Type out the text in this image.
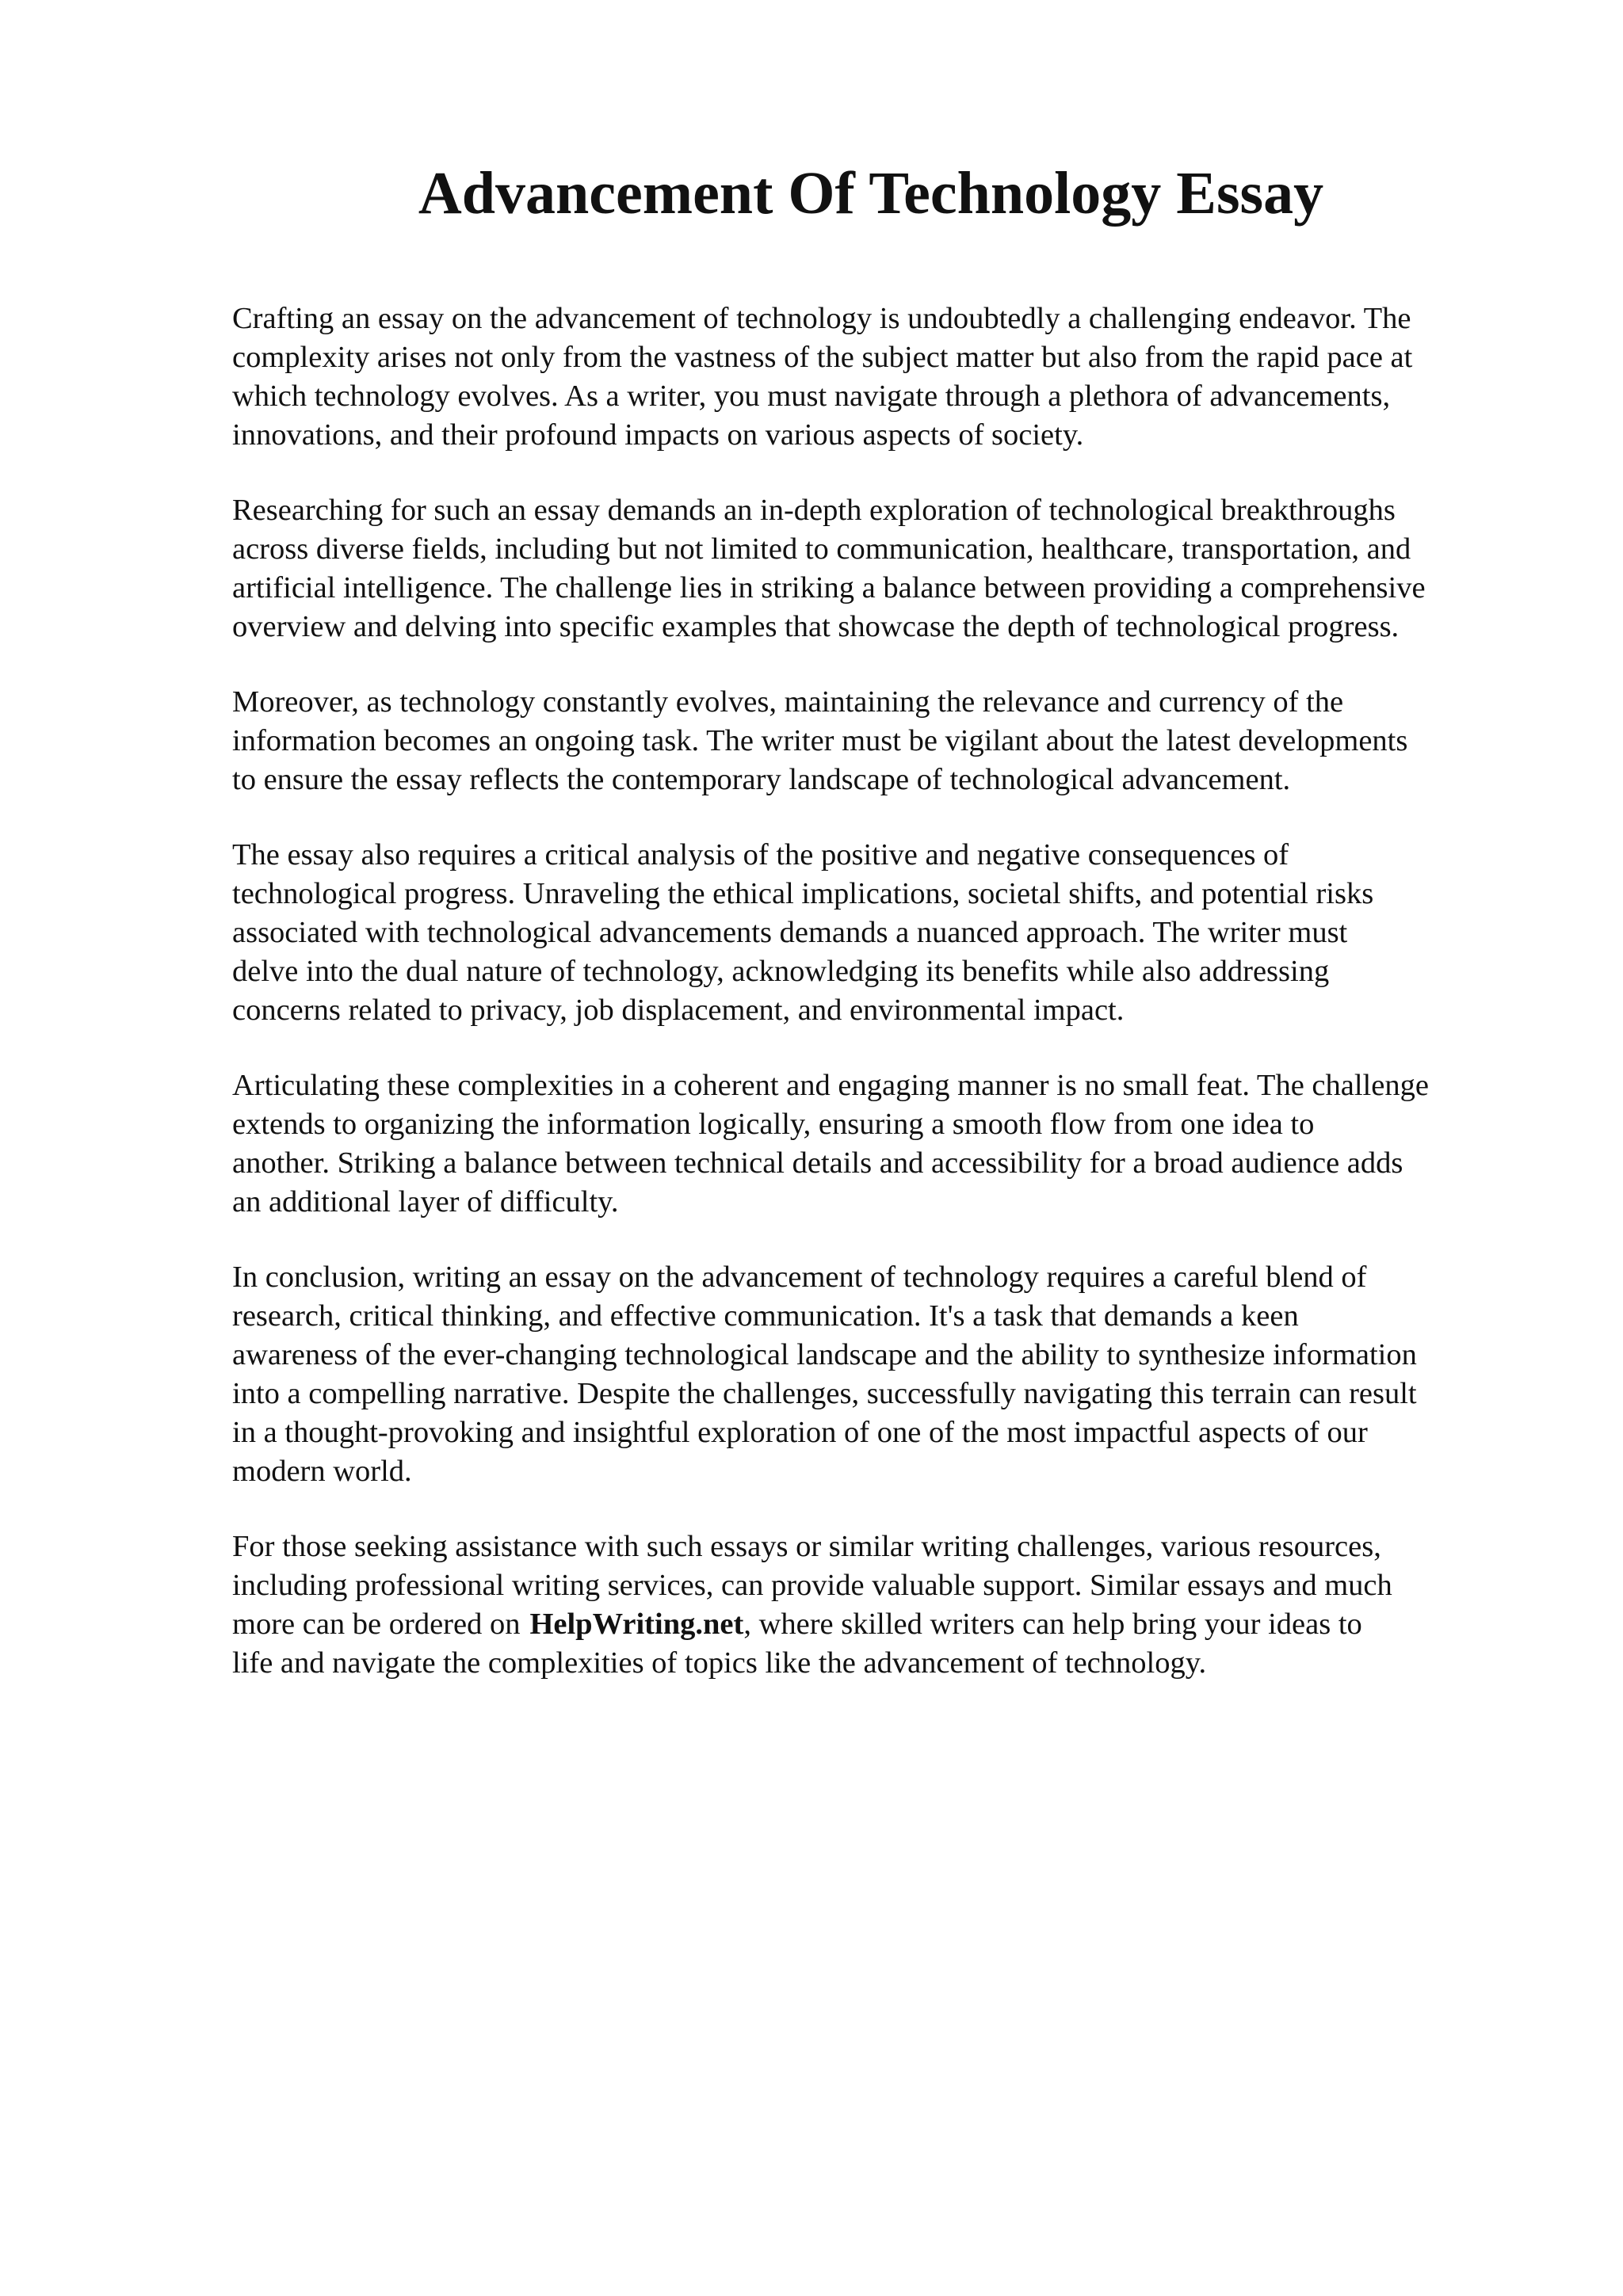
Advancement Of Technology Essay

Crafting an essay on the advancement of technology is undoubtedly a challenging endeavor. The
complexity arises not only from the vastness of the subject matter but also from the rapid pace at
which technology evolves. As a writer, you must navigate through a plethora of advancements,
innovations, and their profound impacts on various aspects of society.

Researching for such an essay demands an in-depth exploration of technological breakthroughs
across diverse fields, including but not limited to communication, healthcare, transportation, and
artificial intelligence. The challenge lies in striking a balance between providing a comprehensive
overview and delving into specific examples that showcase the depth of technological progress.

Moreover, as technology constantly evolves, maintaining the relevance and currency of the
information becomes an ongoing task. The writer must be vigilant about the latest developments
to ensure the essay reflects the contemporary landscape of technological advancement.

The essay also requires a critical analysis of the positive and negative consequences of
technological progress. Unraveling the ethical implications, societal shifts, and potential risks
associated with technological advancements demands a nuanced approach. The writer must
delve into the dual nature of technology, acknowledging its benefits while also addressing
concerns related to privacy, job displacement, and environmental impact.

Articulating these complexities in a coherent and engaging manner is no small feat. The challenge
extends to organizing the information logically, ensuring a smooth flow from one idea to
another. Striking a balance between technical details and accessibility for a broad audience adds
an additional layer of difficulty.

In conclusion, writing an essay on the advancement of technology requires a careful blend of
research, critical thinking, and effective communication. It's a task that demands a keen
awareness of the ever-changing technological landscape and the ability to synthesize information
into a compelling narrative. Despite the challenges, successfully navigating this terrain can result
in a thought-provoking and insightful exploration of one of the most impactful aspects of our
modern world.

For those seeking assistance with such essays or similar writing challenges, various resources,
including professional writing services, can provide valuable support. Similar essays and much
more can be ordered on HelpWriting.net, where skilled writers can help bring your ideas to
life and navigate the complexities of topics like the advancement of technology.
